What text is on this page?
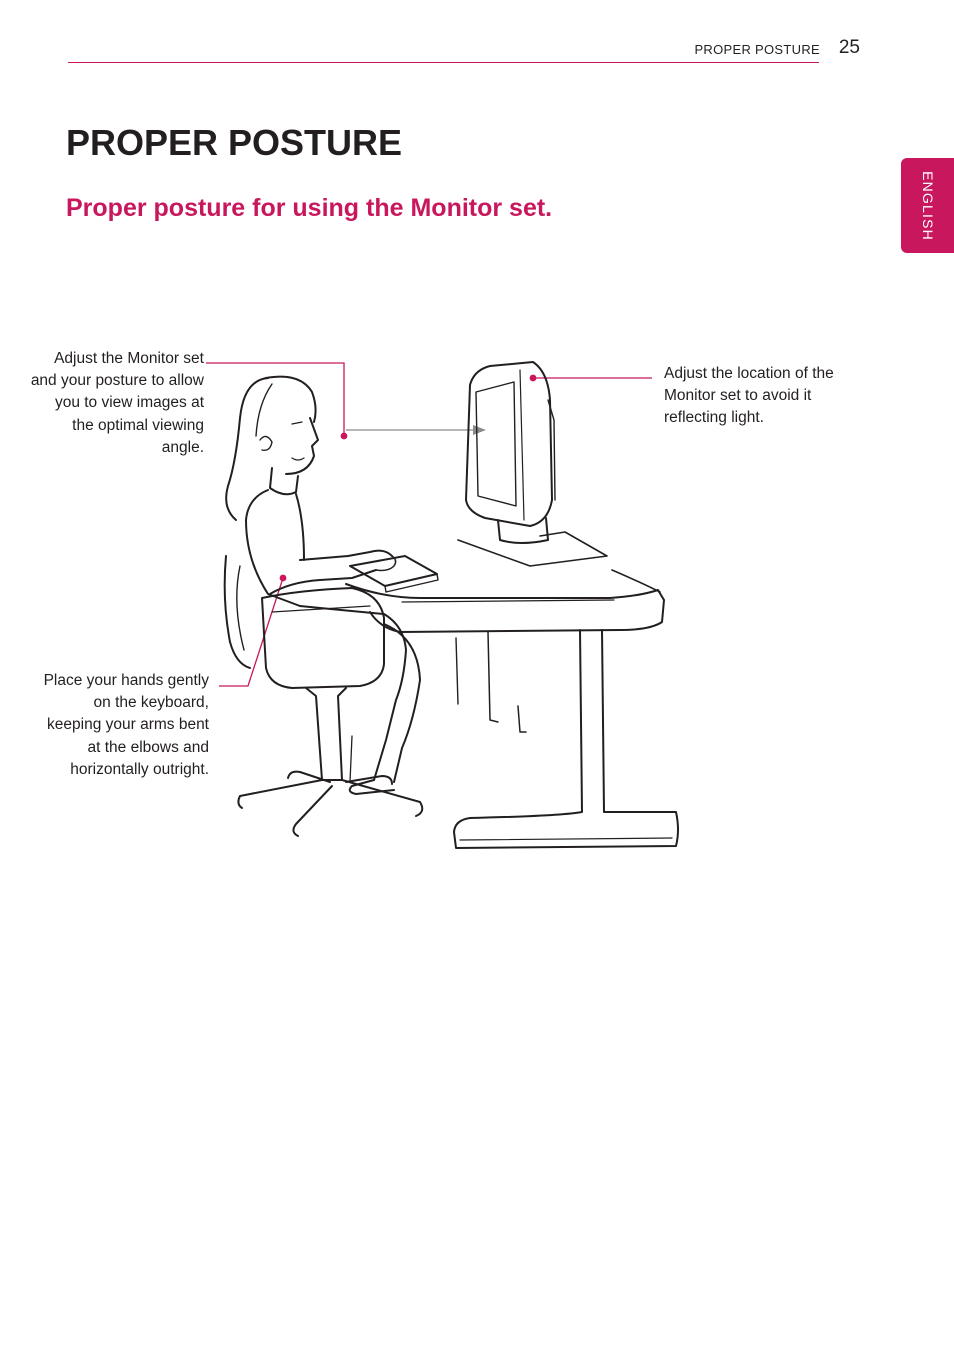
PROPER POSTURE 25
ENGLISH
PROPER POSTURE
Proper posture for using the Monitor set.
Adjust the Monitor set and your posture to allow you to view images at the optimal viewing angle.
Place your hands gently on the keyboard, keeping your arms bent at the elbows and horizontally outright.
Adjust the location of the Monitor set to avoid it reflecting light.
